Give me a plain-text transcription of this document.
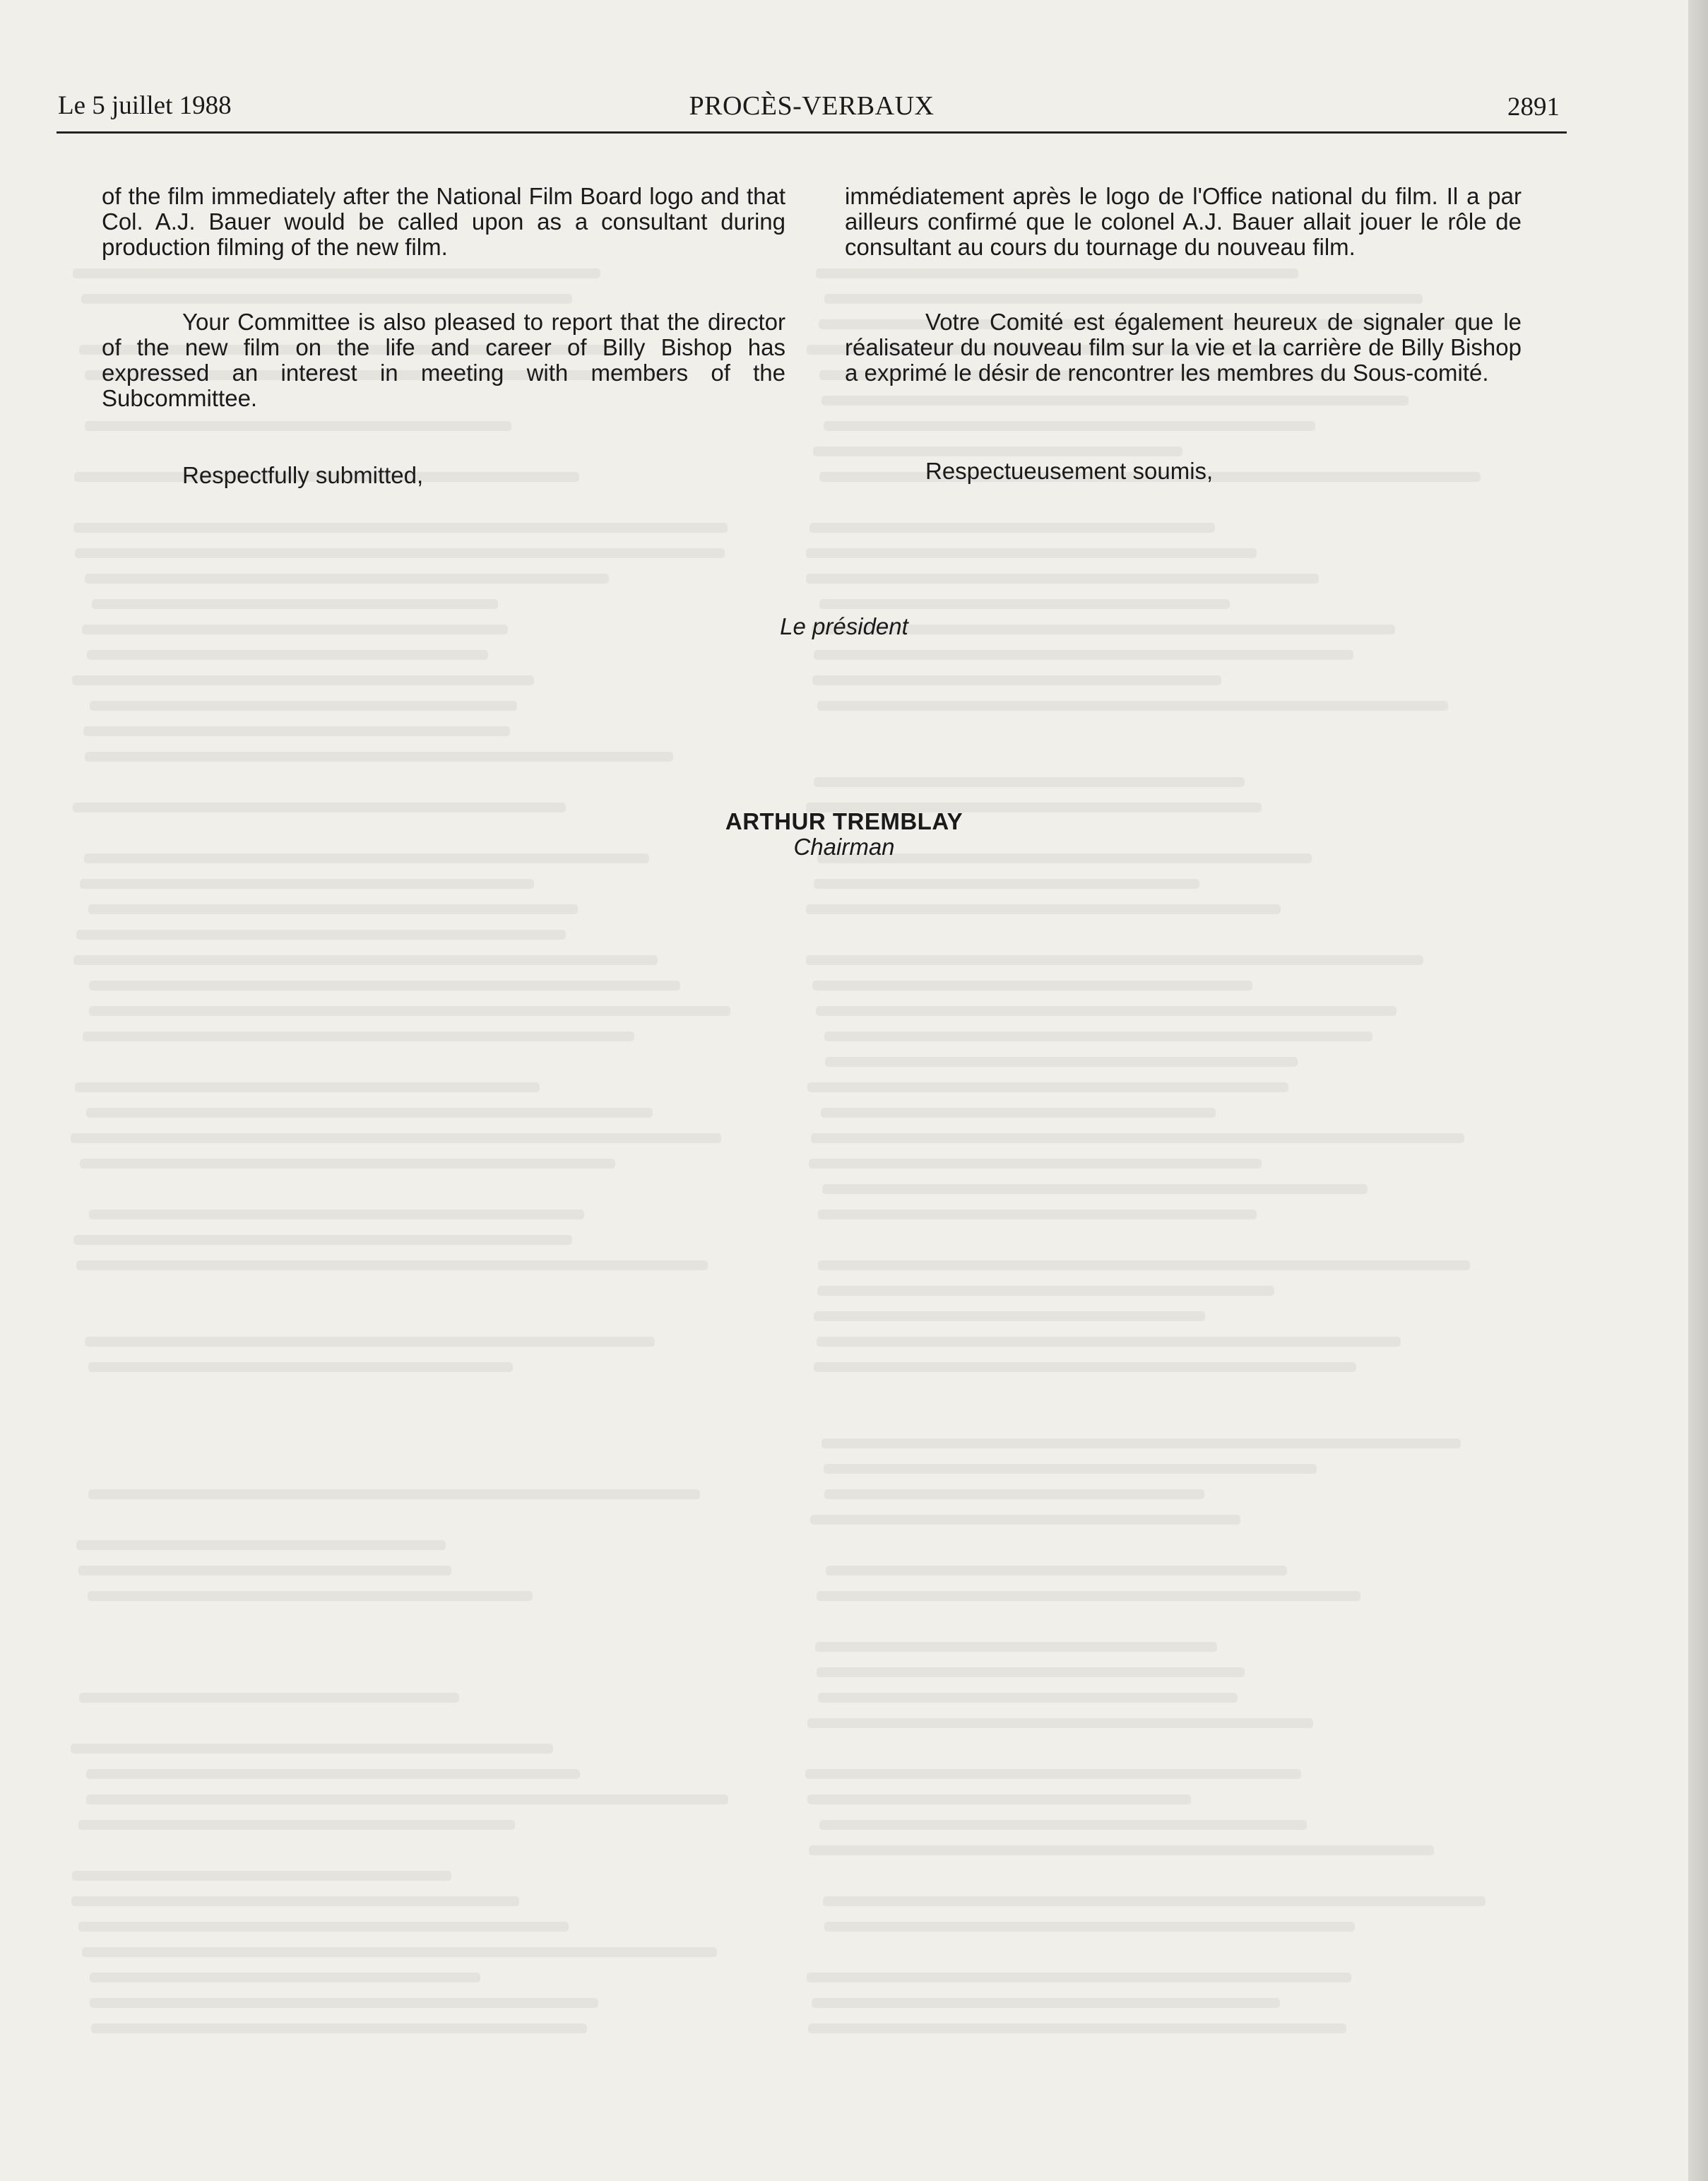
Le 5 juillet 1988	PROCÈS-VERBAUX	2891

of the film immediately after the National Film Board logo and that Col. A.J. Bauer would be called upon as a consultant during production filming of the new film.

Your Committee is also pleased to report that the director of the new film on the life and career of Billy Bishop has expressed an interest in meeting with members of the Subcommittee.

immédiatement après le logo de l'Office national du film. Il a par ailleurs confirmé que le colonel A.J. Bauer allait jouer le rôle de consultant au cours du tournage du nouveau film.

Votre Comité est également heureux de signaler que le réalisateur du nouveau film sur la vie et la carrière de Billy Bishop a exprimé le désir de rencontrer les membres du Sous-comité.

Respectfully submitted,	Respectueusement soumis,
Le président
ARTHUR TREMBLAY
Chairman
